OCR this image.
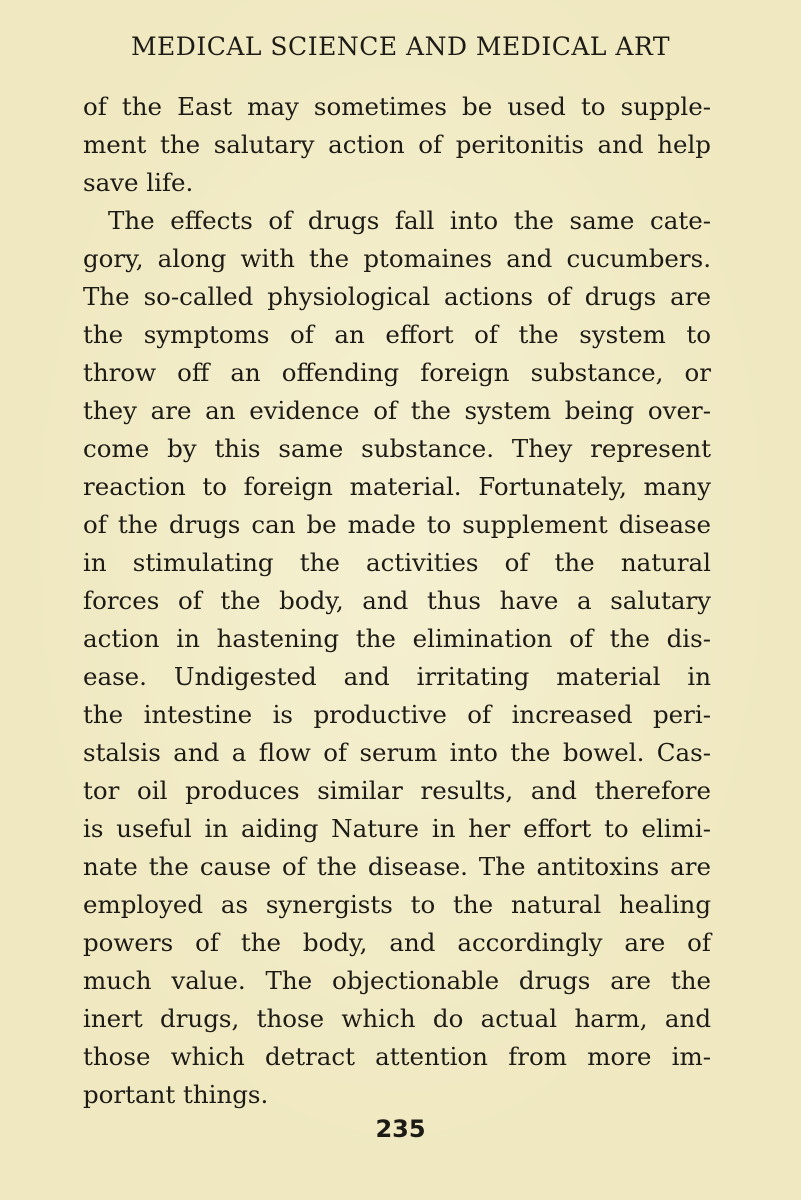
MEDICAL SCIENCE AND MEDICAL ART
of the East may sometimes be used to supple-
ment the salutary action of peritonitis and help
save life.
The effects of drugs fall into the same cate-
gory, along with the ptomaines and cucumbers.
The so-called physiological actions of drugs are
the symptoms of an effort of the system to
throw off an offending foreign substance, or
they are an evidence of the system being over-
come by this same substance. They represent
reaction to foreign material. Fortunately, many
of the drugs can be made to supplement disease
in stimulating the activities of the natural
forces of the body, and thus have a salutary
action in hastening the elimination of the dis-
ease. Undigested and irritating material in
the intestine is productive of increased peri-
stalsis and a flow of serum into the bowel. Cas-
tor oil produces similar results, and therefore
is useful in aiding Nature in her effort to elimi-
nate the cause of the disease. The antitoxins are
employed as synergists to the natural healing
powers of the body, and accordingly are of
much value. The objectionable drugs are the
inert drugs, those which do actual harm, and
those which detract attention from more im-
portant things.
235
